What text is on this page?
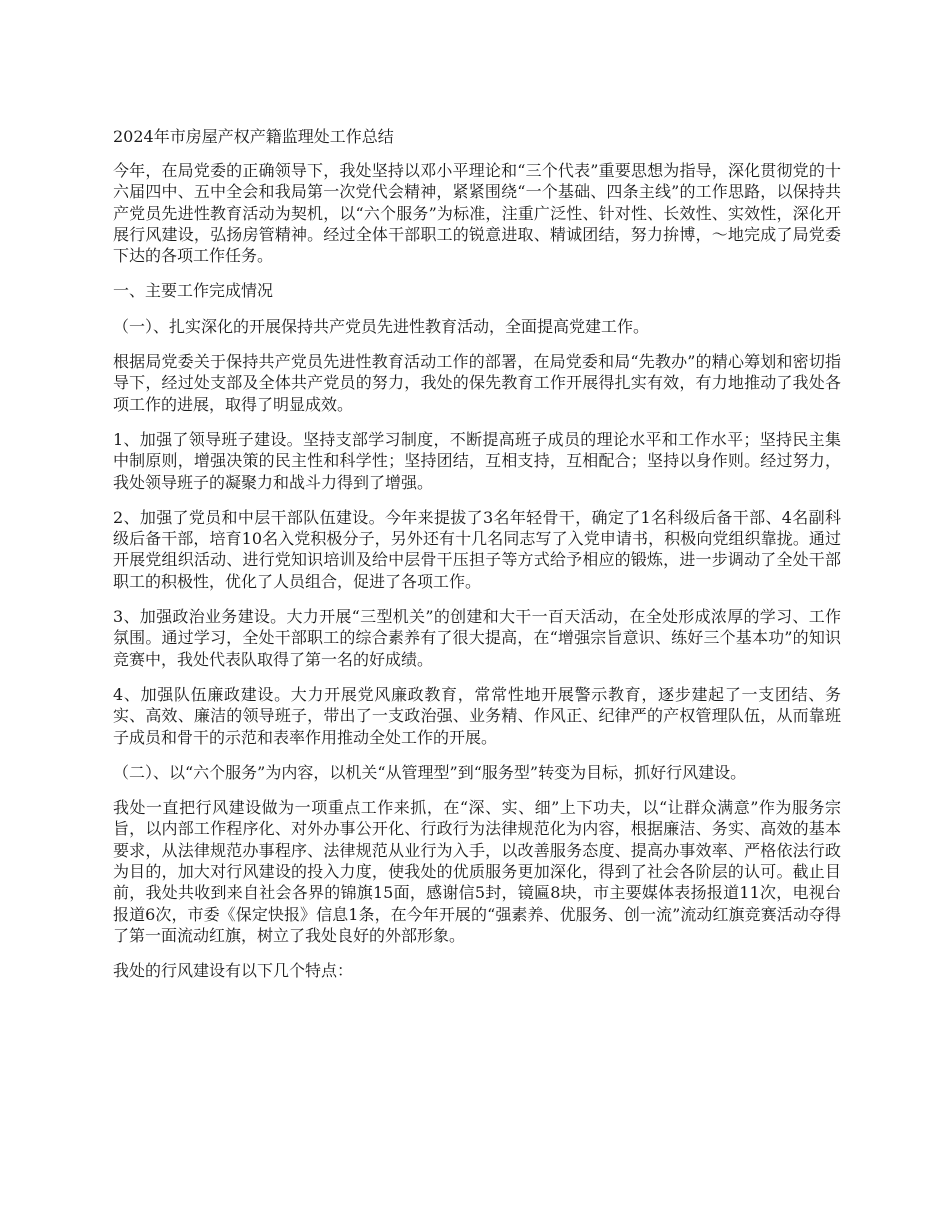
2024年市房屋产权产籍监理处工作总结

今年，在局党委的正确领导下，我处坚持以邓小平理论和“三个代表”重要思想为指导，深化贯彻党的十六届四中、五中全会和我局第一次党代会精神，紧紧围绕“一个基础、四条主线”的工作思路，以保持共产党员先进性教育活动为契机，以“六个服务”为标准，注重广泛性、针对性、长效性、实效性，深化开展行风建设，弘扬房管精神。经过全体干部职工的锐意进取、精诚团结，努力拚博，～地完成了局党委下达的各项工作任务。

一、主要工作完成情况

（一）、扎实深化的开展保持共产党员先进性教育活动，全面提高党建工作。

根据局党委关于保持共产党员先进性教育活动工作的部署，在局党委和局“先教办”的精心筹划和密切指导下，经过处支部及全体共产党员的努力，我处的保先教育工作开展得扎实有效，有力地推动了我处各项工作的进展，取得了明显成效。

1、加强了领导班子建设。坚持支部学习制度，不断提高班子成员的理论水平和工作水平；坚持民主集中制原则，增强决策的民主性和科学性；坚持团结，互相支持，互相配合；坚持以身作则。经过努力，我处领导班子的凝聚力和战斗力得到了增强。

2、加强了党员和中层干部队伍建设。今年来提拔了3名年轻骨干，确定了1名科级后备干部、4名副科级后备干部，培育10名入党积极分子，另外还有十几名同志写了入党申请书，积极向党组织靠拢。通过开展党组织活动、进行党知识培训及给中层骨干压担子等方式给予相应的锻炼，进一步调动了全处干部职工的积极性，优化了人员组合，促进了各项工作。

3、加强政治业务建设。大力开展“三型机关”的创建和大干一百天活动，在全处形成浓厚的学习、工作氛围。通过学习，全处干部职工的综合素养有了很大提高，在“增强宗旨意识、练好三个基本功”的知识竞赛中，我处代表队取得了第一名的好成绩。

4、加强队伍廉政建设。大力开展党风廉政教育，常常性地开展警示教育，逐步建起了一支团结、务实、高效、廉洁的领导班子，带出了一支政治强、业务精、作风正、纪律严的产权管理队伍，从而靠班子成员和骨干的示范和表率作用推动全处工作的开展。

（二）、以“六个服务”为内容，以机关“从管理型”到“服务型”转变为目标，抓好行风建设。

我处一直把行风建设做为一项重点工作来抓，在“深、实、细”上下功夫，以“让群众满意”作为服务宗旨，以内部工作程序化、对外办事公开化、行政行为法律规范化为内容，根据廉洁、务实、高效的基本要求，从法律规范办事程序、法律规范从业行为入手，以改善服务态度、提高办事效率、严格依法行政为目的，加大对行风建设的投入力度，使我处的优质服务更加深化，得到了社会各阶层的认可。截止目前，我处共收到来自社会各界的锦旗15面，感谢信5封，镜匾8块，市主要媒体表扬报道11次，电视台报道6次，市委《保定快报》信息1条，在今年开展的“强素养、优服务、创一流”流动红旗竞赛活动夺得了第一面流动红旗，树立了我处良好的外部形象。

我处的行风建设有以下几个特点：
